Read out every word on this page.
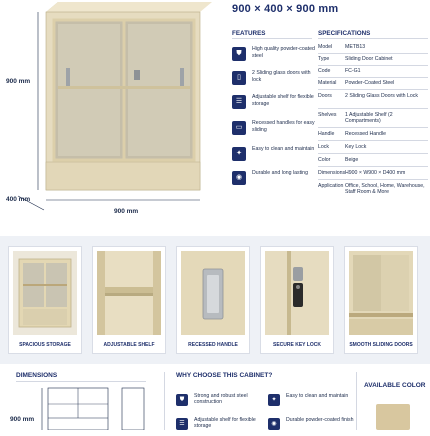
900 mm
400 mm
900 mm
900 × 400 × 900 mm
FEATURES
⛊
High quality powder-coated steel
▯
2 Sliding glass doors with lock
☰
Adjustable shelf for flexible storage
▭
Recessed handles for easy sliding
✦
Easy to clean and maintain
◉
Durable and long lasting
SPECIFICATIONS
Model	METB13
Type	Sliding Door Cabinet
Code	FC-G1
Material	Powder-Coated Steel
Doors	2 Sliding Glass Doors with Lock
Shelves	1 Adjustable Shelf (2 Compartments)
Handle	Recessed Handle
Lock	Key Lock
Color	Beige
Dimensions H900 × W900 × D400 mm
Application Office, School, Home, Warehouse, Staff Room & More
SPACIOUS STORAGE	ADJUSTABLE SHELF	RECESSED HANDLE	SECURE KEY LOCK	SMOOTH SLIDING DOORS
DIMENSIONS
900 mm
WHY CHOOSE THIS CABINET?
⛊
Strong and robust steel construction	✦
Easy to clean and maintain
☰
Adjustable shelf for flexible storage	◉
Durable powder-coated finish
AVAILABLE COLOR
